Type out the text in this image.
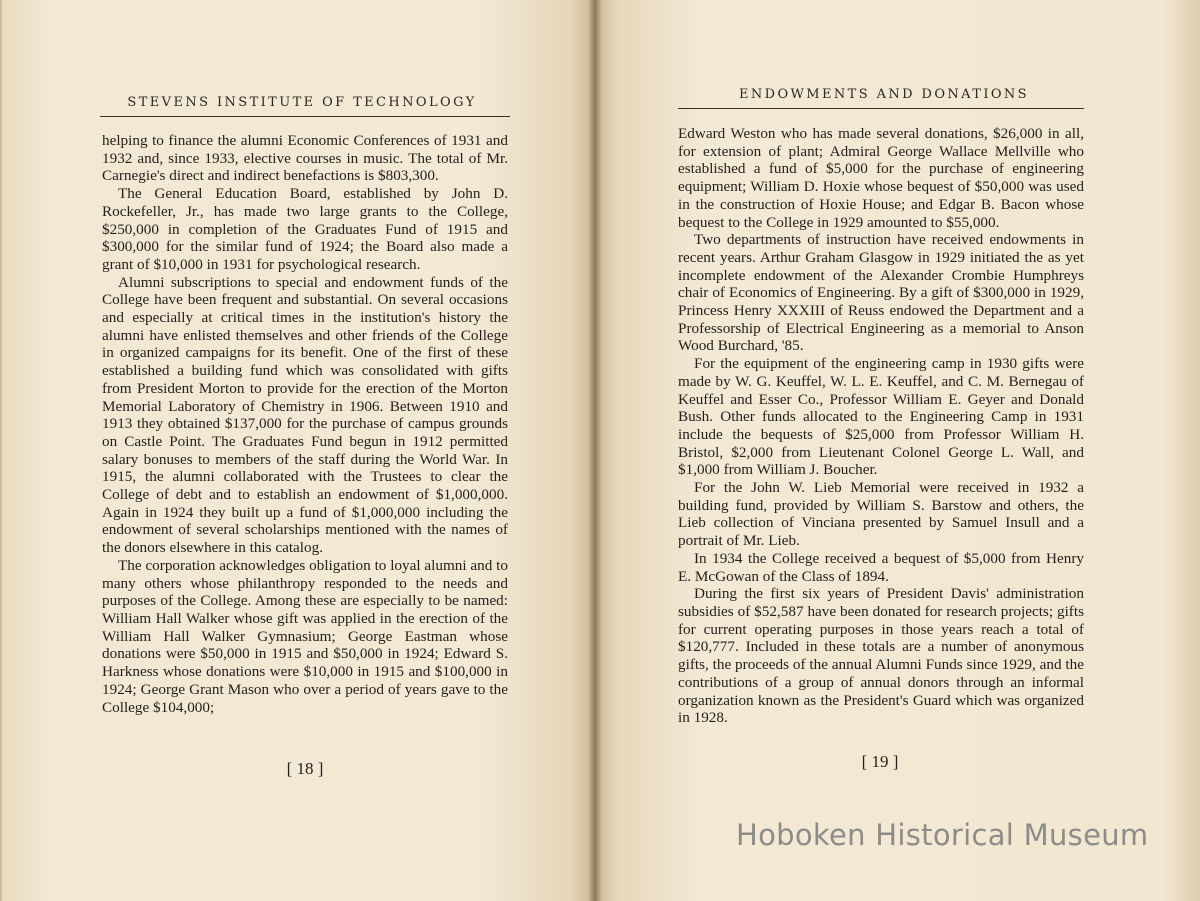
STEVENS INSTITUTE OF TECHNOLOGY

helping to finance the alumni Economic Conferences of 1931 and 1932 and, since 1933, elective courses in music. The total of Mr. Carnegie's direct and indirect benefactions is $803,300.

The General Education Board, established by John D. Rockefeller, Jr., has made two large grants to the College, $250,000 in completion of the Graduates Fund of 1915 and $300,000 for the similar fund of 1924; the Board also made a grant of $10,000 in 1931 for psychological research.

Alumni subscriptions to special and endowment funds of the College have been frequent and substantial. On several occasions and especially at critical times in the institution's history the alumni have enlisted themselves and other friends of the College in organized campaigns for its benefit. One of the first of these established a building fund which was consolidated with gifts from President Morton to provide for the erection of the Morton Memorial Laboratory of Chemistry in 1906. Between 1910 and 1913 they obtained $137,000 for the purchase of campus grounds on Castle Point. The Graduates Fund begun in 1912 permitted salary bonuses to members of the staff during the World War. In 1915, the alumni collaborated with the Trustees to clear the College of debt and to establish an endowment of $1,000,000. Again in 1924 they built up a fund of $1,000,000 including the endowment of several scholarships mentioned with the names of the donors elsewhere in this catalog.

The corporation acknowledges obligation to loyal alumni and to many others whose philanthropy responded to the needs and purposes of the College. Among these are especially to be named: William Hall Walker whose gift was applied in the erection of the William Hall Walker Gymnasium; George Eastman whose donations were $50,000 in 1915 and $50,000 in 1924; Edward S. Harkness whose donations were $10,000 in 1915 and $100,000 in 1924; George Grant Mason who over a period of years gave to the College $104,000;

[ 18 ]
ENDOWMENTS AND DONATIONS

Edward Weston who has made several donations, $26,000 in all, for extension of plant; Admiral George Wallace Mellville who established a fund of $5,000 for the purchase of engineering equipment; William D. Hoxie whose bequest of $50,000 was used in the construction of Hoxie House; and Edgar B. Bacon whose bequest to the College in 1929 amounted to $55,000.

Two departments of instruction have received endowments in recent years. Arthur Graham Glasgow in 1929 initiated the as yet incomplete endowment of the Alexander Crombie Humphreys chair of Economics of Engineering. By a gift of $300,000 in 1929, Princess Henry XXXIII of Reuss endowed the Department and a Professorship of Electrical Engineering as a memorial to Anson Wood Burchard, '85.

For the equipment of the engineering camp in 1930 gifts were made by W. G. Keuffel, W. L. E. Keuffel, and C. M. Bernegau of Keuffel and Esser Co., Professor William E. Geyer and Donald Bush. Other funds allocated to the Engineering Camp in 1931 include the bequests of $25,000 from Professor William H. Bristol, $2,000 from Lieutenant Colonel George L. Wall, and $1,000 from William J. Boucher.

For the John W. Lieb Memorial were received in 1932 a building fund, provided by William S. Barstow and others, the Lieb collection of Vinciana presented by Samuel Insull and a portrait of Mr. Lieb.

In 1934 the College received a bequest of $5,000 from Henry E. McGowan of the Class of 1894.

During the first six years of President Davis' administration subsidies of $52,587 have been donated for research projects; gifts for current operating purposes in those years reach a total of $120,777. Included in these totals are a number of anonymous gifts, the proceeds of the annual Alumni Funds since 1929, and the contributions of a group of annual donors through an informal organization known as the President's Guard which was organized in 1928.

[ 19 ]
Hoboken Historical Museum
